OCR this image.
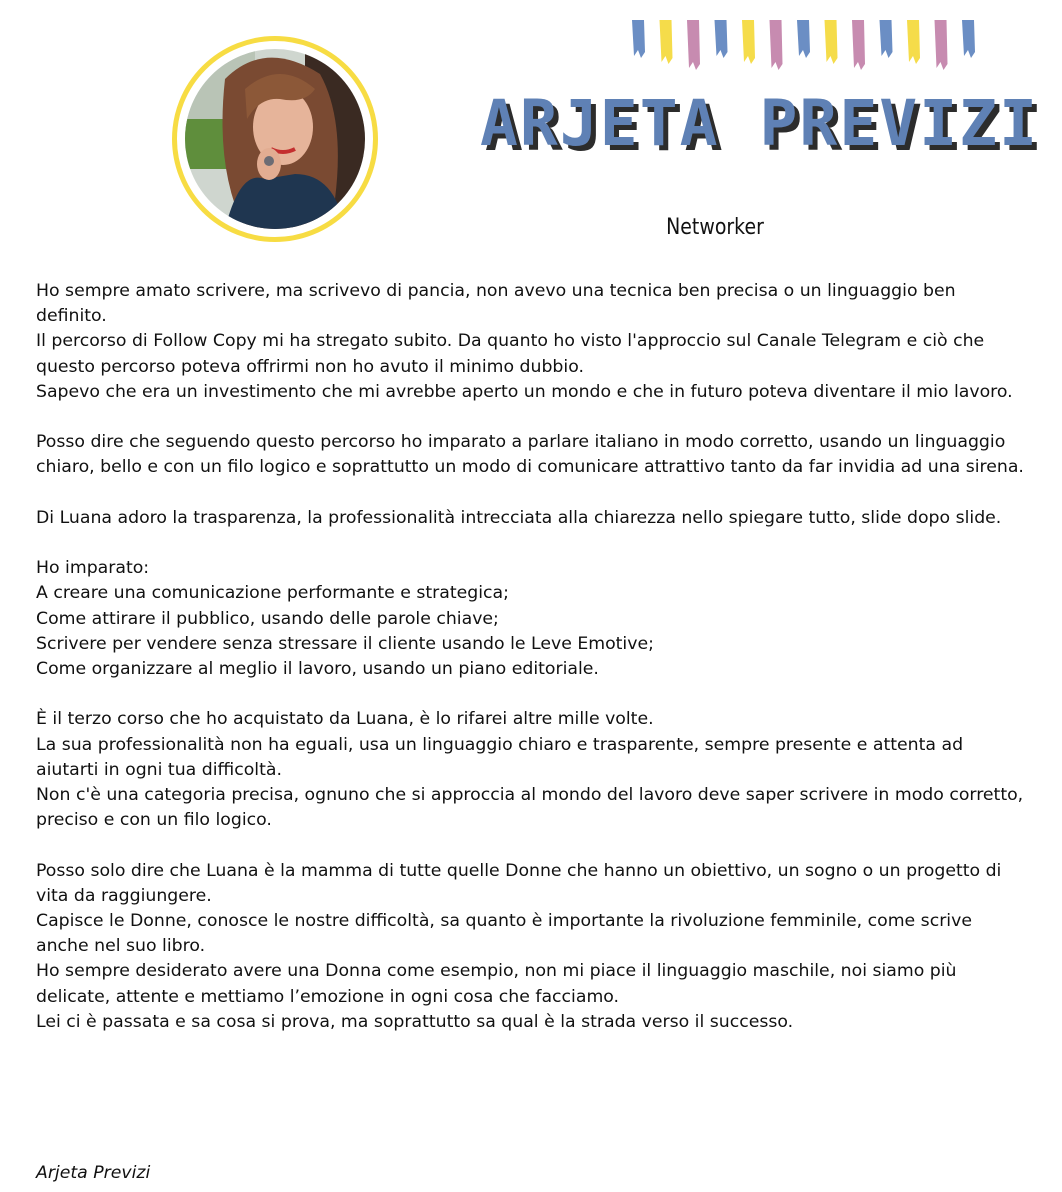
ARJETA PREVIZI
Networker
Ho sempre amato scrivere, ma scrivevo di pancia, non avevo una tecnica ben precisa o un linguaggio ben definito.
Il percorso di Follow Copy mi ha stregato subito. Da quanto ho visto l'approccio sul Canale Telegram e ciò che questo percorso poteva offrirmi non ho avuto il minimo dubbio.
Sapevo che era un investimento che mi avrebbe aperto un mondo e che in futuro poteva diventare il mio lavoro.
Posso dire che seguendo questo percorso ho imparato a parlare italiano in modo corretto, usando un linguaggio chiaro, bello e con un filo logico e soprattutto un modo di comunicare attrattivo tanto da far invidia ad una sirena.
Di Luana adoro la trasparenza, la professionalità intrecciata alla chiarezza nello spiegare tutto, slide dopo slide.
Ho imparato:
A creare una comunicazione performante e strategica;
Come attirare il pubblico, usando delle parole chiave;
Scrivere per vendere senza stressare il cliente usando le Leve Emotive;
Come organizzare al meglio il lavoro, usando un piano editoriale.
È il terzo corso che ho acquistato da Luana, è lo rifarei altre mille volte.
La sua professionalità non ha eguali, usa un linguaggio chiaro e trasparente, sempre presente e attenta ad aiutarti in ogni tua difficoltà.
Non c'è una categoria precisa, ognuno che si approccia al mondo del lavoro deve saper scrivere in modo corretto, preciso e con un filo logico.
Posso solo dire che Luana è la mamma di tutte quelle Donne che hanno un obiettivo, un sogno o un progetto di vita da raggiungere.
Capisce le Donne, conosce le nostre difficoltà, sa quanto è importante la rivoluzione femminile, come scrive anche nel suo libro.
Ho sempre desiderato avere una Donna come esempio, non mi piace il linguaggio maschile, noi siamo più delicate, attente e mettiamo l’emozione in ogni cosa che facciamo.
Lei ci è passata e sa cosa si prova, ma soprattutto sa qual è la strada verso il successo.
Arjeta Previzi
